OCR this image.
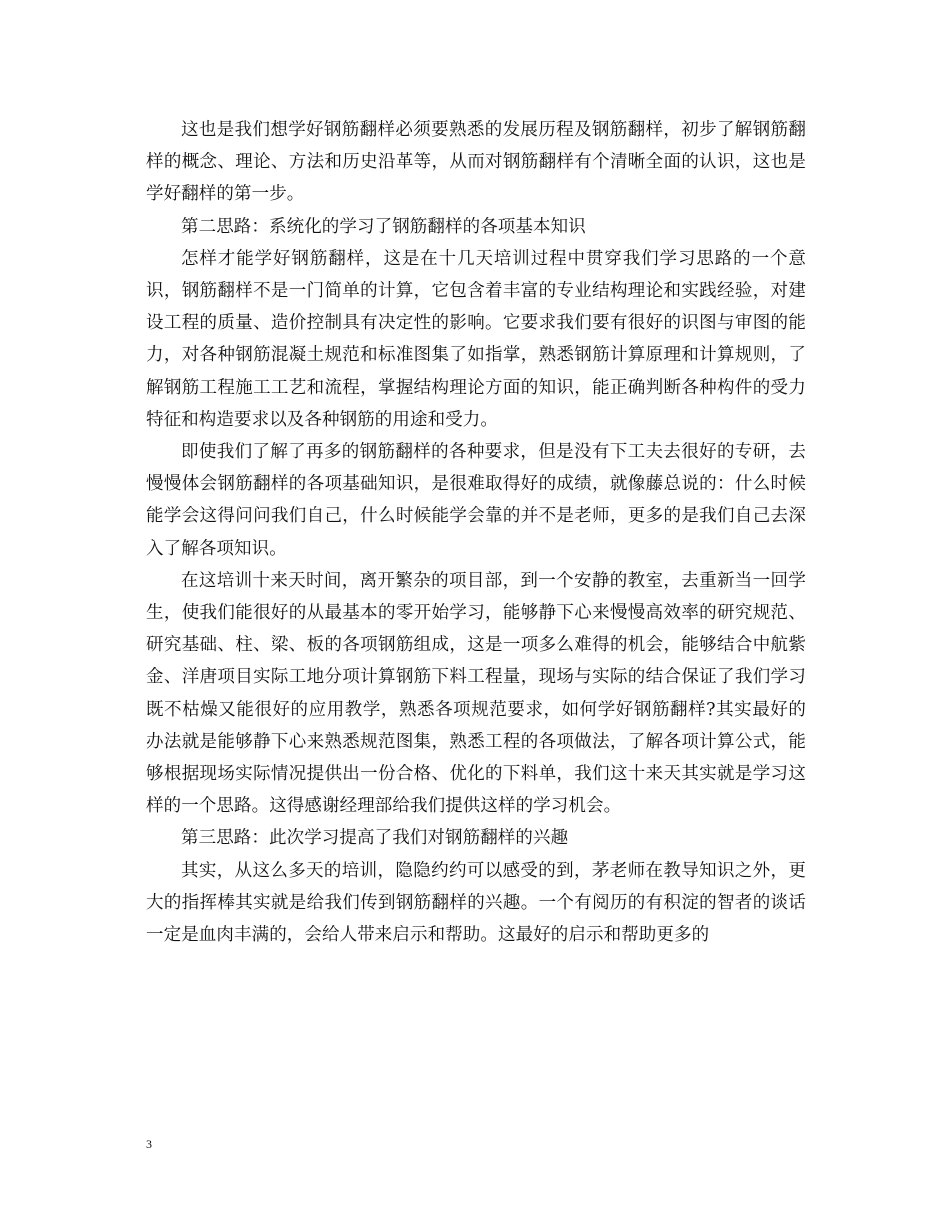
这也是我们想学好钢筋翻样必须要熟悉的发展历程及钢筋翻样，初步了解钢筋翻样的概念、理论、方法和历史沿革等，从而对钢筋翻样有个清晰全面的认识，这也是学好翻样的第一步。

第二思路：系统化的学习了钢筋翻样的各项基本知识

怎样才能学好钢筋翻样，这是在十几天培训过程中贯穿我们学习思路的一个意识，钢筋翻样不是一门简单的计算，它包含着丰富的专业结构理论和实践经验，对建设工程的质量、造价控制具有决定性的影响。它要求我们要有很好的识图与审图的能力，对各种钢筋混凝土规范和标准图集了如指掌，熟悉钢筋计算原理和计算规则，了解钢筋工程施工工艺和流程，掌握结构理论方面的知识，能正确判断各种构件的受力特征和构造要求以及各种钢筋的用途和受力。

即使我们了解了再多的钢筋翻样的各种要求，但是没有下工夫去很好的专研，去慢慢体会钢筋翻样的各项基础知识，是很难取得好的成绩，就像藤总说的：什么时候能学会这得问问我们自己，什么时候能学会靠的并不是老师，更多的是我们自己去深入了解各项知识。

在这培训十来天时间，离开繁杂的项目部，到一个安静的教室，去重新当一回学生，使我们能很好的从最基本的零开始学习，能够静下心来慢慢高效率的研究规范、研究基础、柱、梁、板的各项钢筋组成，这是一项多么难得的机会，能够结合中航紫金、洋唐项目实际工地分项计算钢筋下料工程量，现场与实际的结合保证了我们学习既不枯燥又能很好的应用教学，熟悉各项规范要求，如何学好钢筋翻样?其实最好的办法就是能够静下心来熟悉规范图集，熟悉工程的各项做法，了解各项计算公式，能够根据现场实际情况提供出一份合格、优化的下料单，我们这十来天其实就是学习这样的一个思路。这得感谢经理部给我们提供这样的学习机会。

第三思路：此次学习提高了我们对钢筋翻样的兴趣

其实，从这么多天的培训，隐隐约约可以感受的到，茅老师在教导知识之外，更大的指挥棒其实就是给我们传到钢筋翻样的兴趣。一个有阅历的有积淀的智者的谈话一定是血肉丰满的，会给人带来启示和帮助。这最好的启示和帮助更多的

3
